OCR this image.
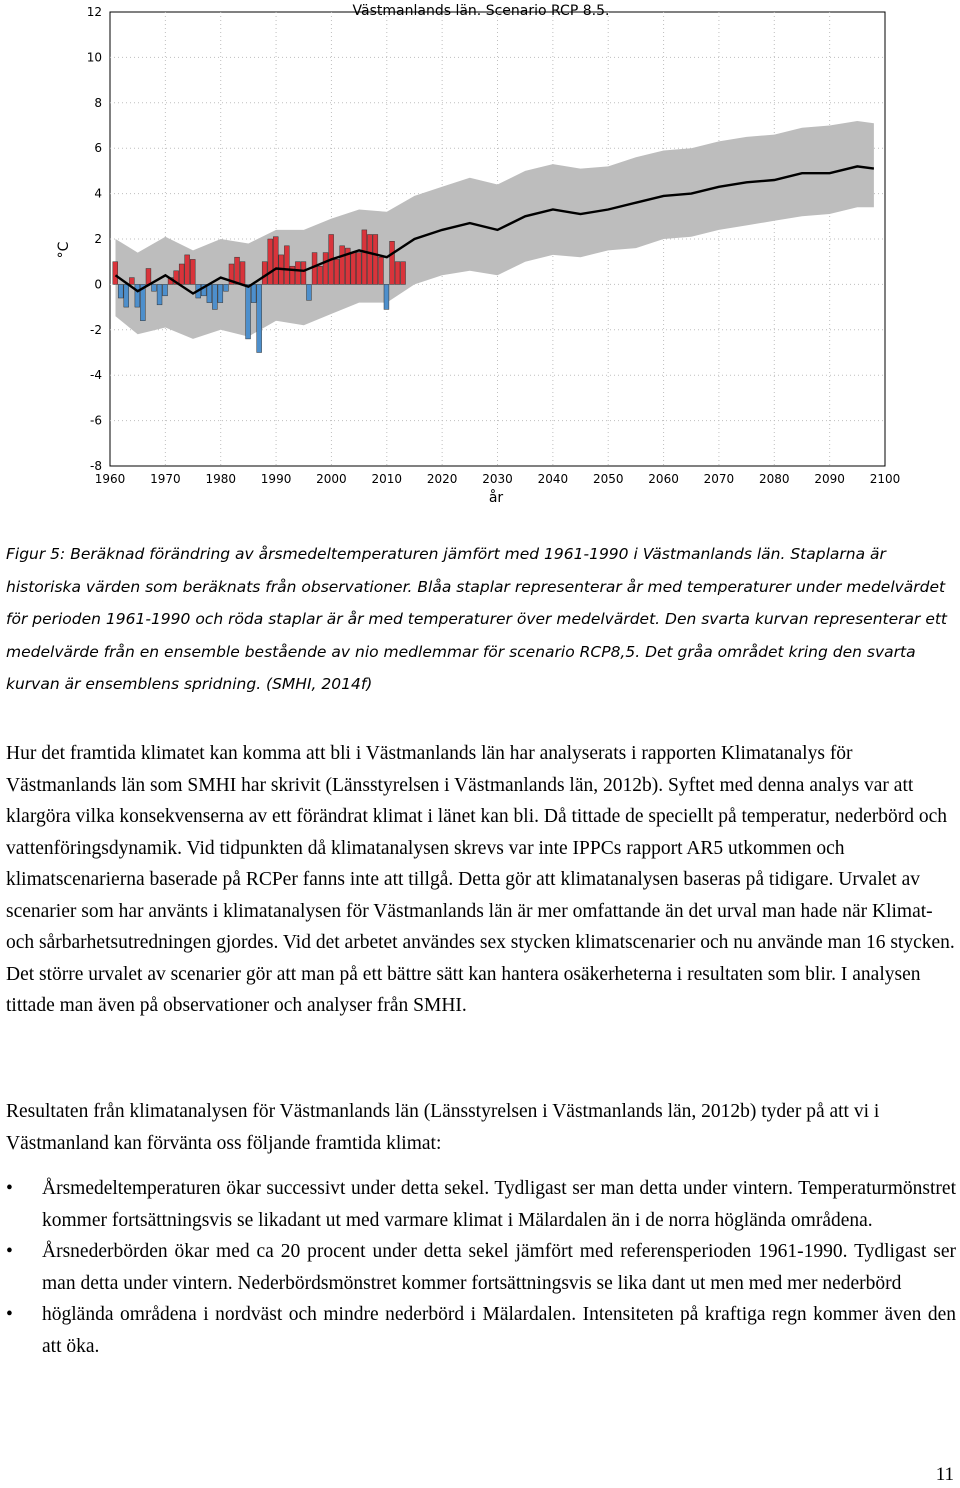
1960 1970 1980 1990 2000 2010 2020 2030 2040 2050 2060 2070 2080 2090 2100
12
10
8
6
4
2
0
-2
-4
-6
-8
Västmanlands län. Scenario RCP 8.5.
år
°C

Figur 5: Beräknad förändring av årsmedeltemperaturen jämfört med 1961-1990 i Västmanlands län. Staplarna är historiska värden som beräknats från observationer. Blåa staplar representerar år med temperaturer under medelvärdet för perioden 1961-1990 och röda staplar är år med temperaturer över medelvärdet. Den svarta kurvan representerar ett medelvärde från en ensemble bestående av nio medlemmar för scenario RCP8,5. Det gråa området kring den svarta kurvan är ensemblens spridning. (SMHI, 2014f)

Hur det framtida klimatet kan komma att bli i Västmanlands län har analyserats i rapporten Klimatanalys för Västmanlands län som SMHI har skrivit (Länsstyrelsen i Västmanlands län, 2012b). Syftet med denna analys var att klargöra vilka konsekvenserna av ett förändrat klimat i länet kan bli. Då tittade de speciellt på temperatur, nederbörd och vattenföringsdynamik. Vid tidpunkten då klimatanalysen skrevs var inte IPPCs rapport AR5 utkommen och klimatscenarierna baserade på RCPer fanns inte att tillgå. Detta gör att klimatanalysen baseras på tidigare. Urvalet av scenarier som har använts i klimatanalysen för Västmanlands län är mer omfattande än det urval man hade när Klimat- och sårbarhetsutredningen gjordes. Vid det arbetet användes sex stycken klimatscenarier och nu använde man 16 stycken. Det större urvalet av scenarier gör att man på ett bättre sätt kan hantera osäkerheterna i resultaten som blir. I analysen tittade man även på observationer och analyser från SMHI.

Resultaten från klimatanalysen för Västmanlands län (Länsstyrelsen i Västmanlands län, 2012b) tyder på att vi i Västmanland kan förvänta oss följande framtida klimat:

• Årsmedeltemperaturen ökar successivt under detta sekel. Tydligast ser man detta under vintern. Temperaturmönstret kommer fortsättningsvis se likadant ut med varmare klimat i Mälardalen än i de norra höglända områdena.
• Årsnederbörden ökar med ca 20 procent under detta sekel jämfört med referensperioden 1961-1990. Tydligast ser man detta under vintern. Nederbördsmönstret kommer fortsättningsvis se lika dant ut men med mer nederbörd
• höglända områdena i nordväst och mindre nederbörd i Mälardalen. Intensiteten på kraftiga regn kommer även den att öka.
11
